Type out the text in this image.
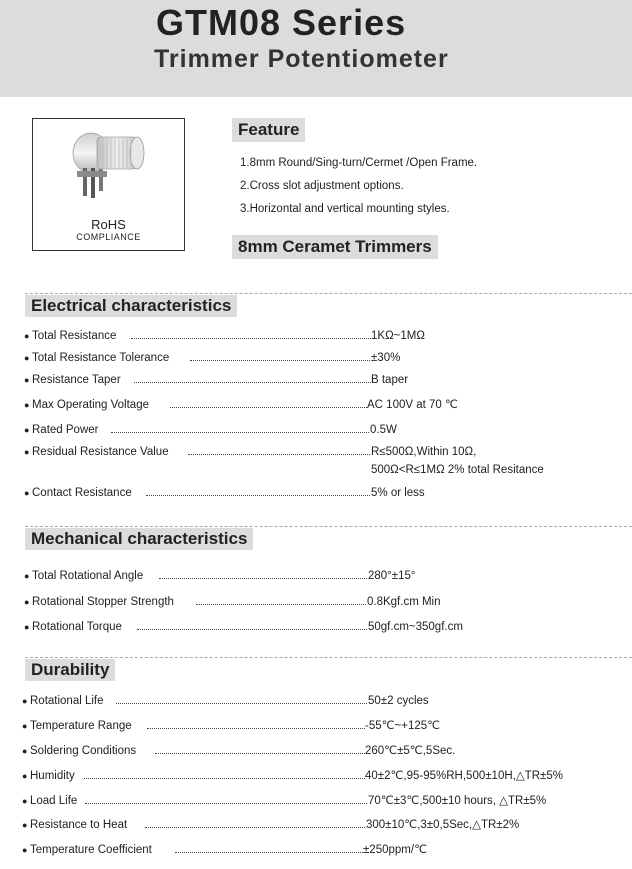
GTM08 Series
Trimmer Potentiometer
RoHS
COMPLIANCE
Feature
1.8mm Round/Sing-turn/Cermet /Open Frame.
2.Cross slot adjustment options.
3.Horizontal and vertical mounting styles.
8mm Ceramet Trimmers
Electrical characteristics
● Total Resistance	1KΩ~1MΩ
● Total Resistance Tolerance	±30%
● Resistance Taper	B taper
● Max Operating Voltage	AC 100V at 70 ℃
● Rated Power	0.5W
● Residual Resistance Value	R≤500Ω,Within 10Ω,
500Ω<R≤1MΩ 2% total Resitance
● Contact Resistance	5% or less
Mechanical characteristics
● Total Rotational Angle	280°±15°
● Rotational Stopper Strength	0.8Kgf.cm Min
● Rotational Torque	50gf.cm~350gf.cm
Durability
● Rotational Life	50±2 cycles
● Temperature Range	-55℃~+125℃
● Soldering Conditions	260℃±5℃,5Sec.
● Humidity	40±2℃,95-95%RH,500±10H,△TR±5%
● Load Life	70℃±3℃,500±10 hours, △TR±5%
● Resistance to Heat	300±10℃,3±0,5Sec,△TR±2%
● Temperature Coefficient	±250ppm/℃
